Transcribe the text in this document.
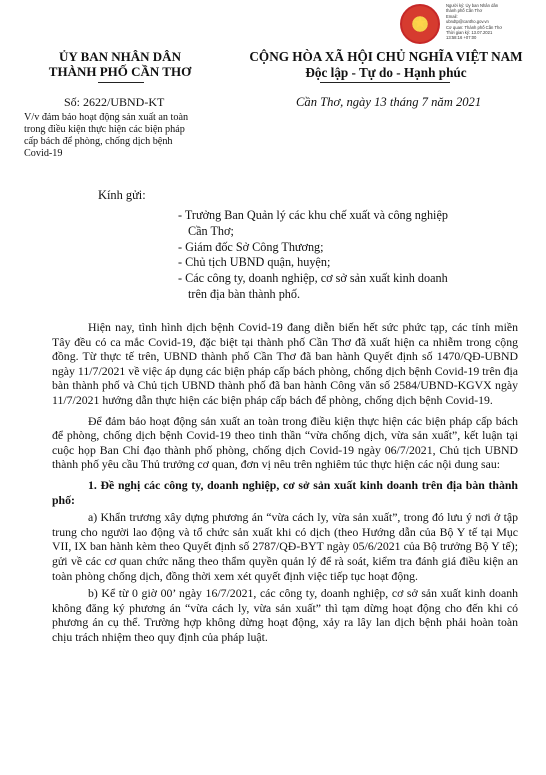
★
Người ký: Ủy ban Nhân dân
thành phố Cần Thơ
Email:
ubndtp@cantho.gov.vn
Cơ quan: Thành phố Cần Thơ
Thời gian ký: 13.07.2021
13:58:16 +07:00
ỦY BAN NHÂN DÂN
THÀNH PHỐ CẦN THƠ
Số: 2622/UBND-KT
V/v đảm bảo hoạt động sản xuất an toàn
trong điều kiện thực hiện các biện pháp
cấp bách để phòng, chống dịch bệnh
Covid-19
CỘNG HÒA XÃ HỘI CHỦ NGHĨA VIỆT NAM
Độc lập - Tự do - Hạnh phúc
Cần Thơ, ngày 13 tháng 7 năm 2021
Kính gửi:
- Trưởng Ban Quản lý các khu chế xuất và công nghiệp
Cần Thơ;
- Giám đốc Sở Công Thương;
- Chủ tịch UBND quận, huyện;
- Các công ty, doanh nghiệp, cơ sở sản xuất kinh doanh
trên địa bàn thành phố.

Hiện nay, tình hình dịch bệnh Covid-19 đang diễn biến hết sức phức tạp, các tỉnh miền Tây đều có ca mắc Covid-19, đặc biệt tại thành phố Cần Thơ đã xuất hiện ca nhiễm trong cộng đồng. Từ thực tế trên, UBND thành phố Cần Thơ đã ban hành Quyết định số 1470/QĐ-UBND ngày 11/7/2021 về việc áp dụng các biện pháp cấp bách phòng, chống dịch bệnh Covid-19 trên địa bàn thành phố và Chủ tịch UBND thành phố đã ban hành Công văn số 2584/UBND-KGVX ngày 11/7/2021 hướng dẫn thực hiện các biện pháp cấp bách để phòng, chống dịch bệnh Covid-19.

Để đảm bảo hoạt động sản xuất an toàn trong điều kiện thực hiện các biện pháp cấp bách để phòng, chống dịch bệnh Covid-19 theo tinh thần “vừa chống dịch, vừa sản xuất”, kết luận tại cuộc họp Ban Chỉ đạo thành phố phòng, chống dịch Covid-19 ngày 06/7/2021, Chủ tịch UBND thành phố yêu cầu Thủ trưởng cơ quan, đơn vị nêu trên nghiêm túc thực hiện các nội dung sau:

1. Đề nghị các công ty, doanh nghiệp, cơ sở sản xuất kinh doanh trên địa bàn thành phố:

a) Khẩn trương xây dựng phương án “vừa cách ly, vừa sản xuất”, trong đó lưu ý nơi ở tập trung cho người lao động và tổ chức sản xuất khi có dịch (theo Hướng dẫn của Bộ Y tế tại Mục VII, IX ban hành kèm theo Quyết định số 2787/QĐ-BYT ngày 05/6/2021 của Bộ trưởng Bộ Y tế); gửi về các cơ quan chức năng theo thẩm quyền quản lý để rà soát, kiểm tra đánh giá điều kiện an toàn phòng chống dịch, đồng thời xem xét quyết định việc tiếp tục hoạt động.

b) Kể từ 0 giờ 00’ ngày 16/7/2021, các công ty, doanh nghiệp, cơ sở sản xuất kinh doanh không đăng ký phương án “vừa cách ly, vừa sản xuất” thì tạm dừng hoạt động cho đến khi có phương án cụ thể. Trường hợp không dừng hoạt động, xảy ra lây lan dịch bệnh phải hoàn toàn chịu trách nhiệm theo quy định của pháp luật.
